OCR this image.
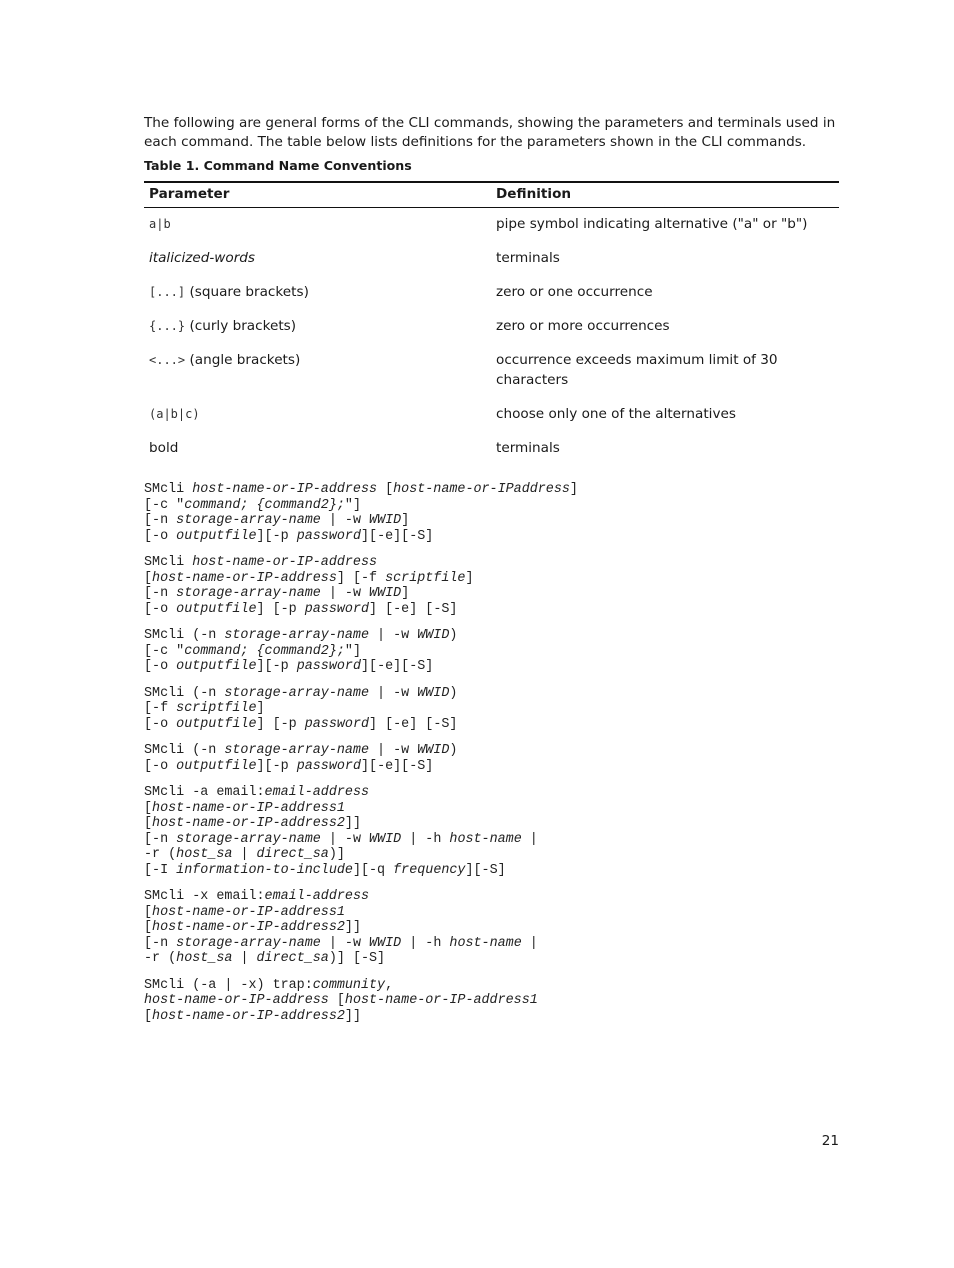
The following are general forms of the CLI commands, showing the parameters and terminals used in each command. The table below lists definitions for the parameters shown in the CLI commands.

Table 1. Command Name Conventions

Parameter	Definition
a|b	pipe symbol indicating alternative ("a" or "b")
italicized-words	terminals
[...] (square brackets)	zero or one occurrence
{...} (curly brackets)	zero or more occurrences
<...> (angle brackets)	occurrence exceeds maximum limit of 30 characters
(a|b|c)	choose only one of the alternatives
bold	terminals
SMcli host-name-or-IP-address [host-name-or-IPaddress]
[-c "command; {command2};"]
[-n storage-array-name | -w WWID]
[-o outputfile][-p password][-e][-S]
SMcli host-name-or-IP-address
[host-name-or-IP-address] [-f scriptfile]
[-n storage-array-name | -w WWID]
[-o outputfile] [-p password] [-e] [-S]
SMcli (-n storage-array-name | -w WWID)
[-c "command; {command2};"]
[-o outputfile][-p password][-e][-S]
SMcli (-n storage-array-name | -w WWID)
[-f scriptfile]
[-o outputfile] [-p password] [-e] [-S]
SMcli (-n storage-array-name | -w WWID)
[-o outputfile][-p password][-e][-S]
SMcli -a email:email-address
[host-name-or-IP-address1
[host-name-or-IP-address2]]
[-n storage-array-name | -w WWID | -h host-name |
-r (host_sa | direct_sa)]
[-I information-to-include][-q frequency][-S]
SMcli -x email:email-address
[host-name-or-IP-address1
[host-name-or-IP-address2]]
[-n storage-array-name | -w WWID | -h host-name |
-r (host_sa | direct_sa)] [-S]
SMcli (-a | -x) trap:community,
host-name-or-IP-address [host-name-or-IP-address1
[host-name-or-IP-address2]]
21
